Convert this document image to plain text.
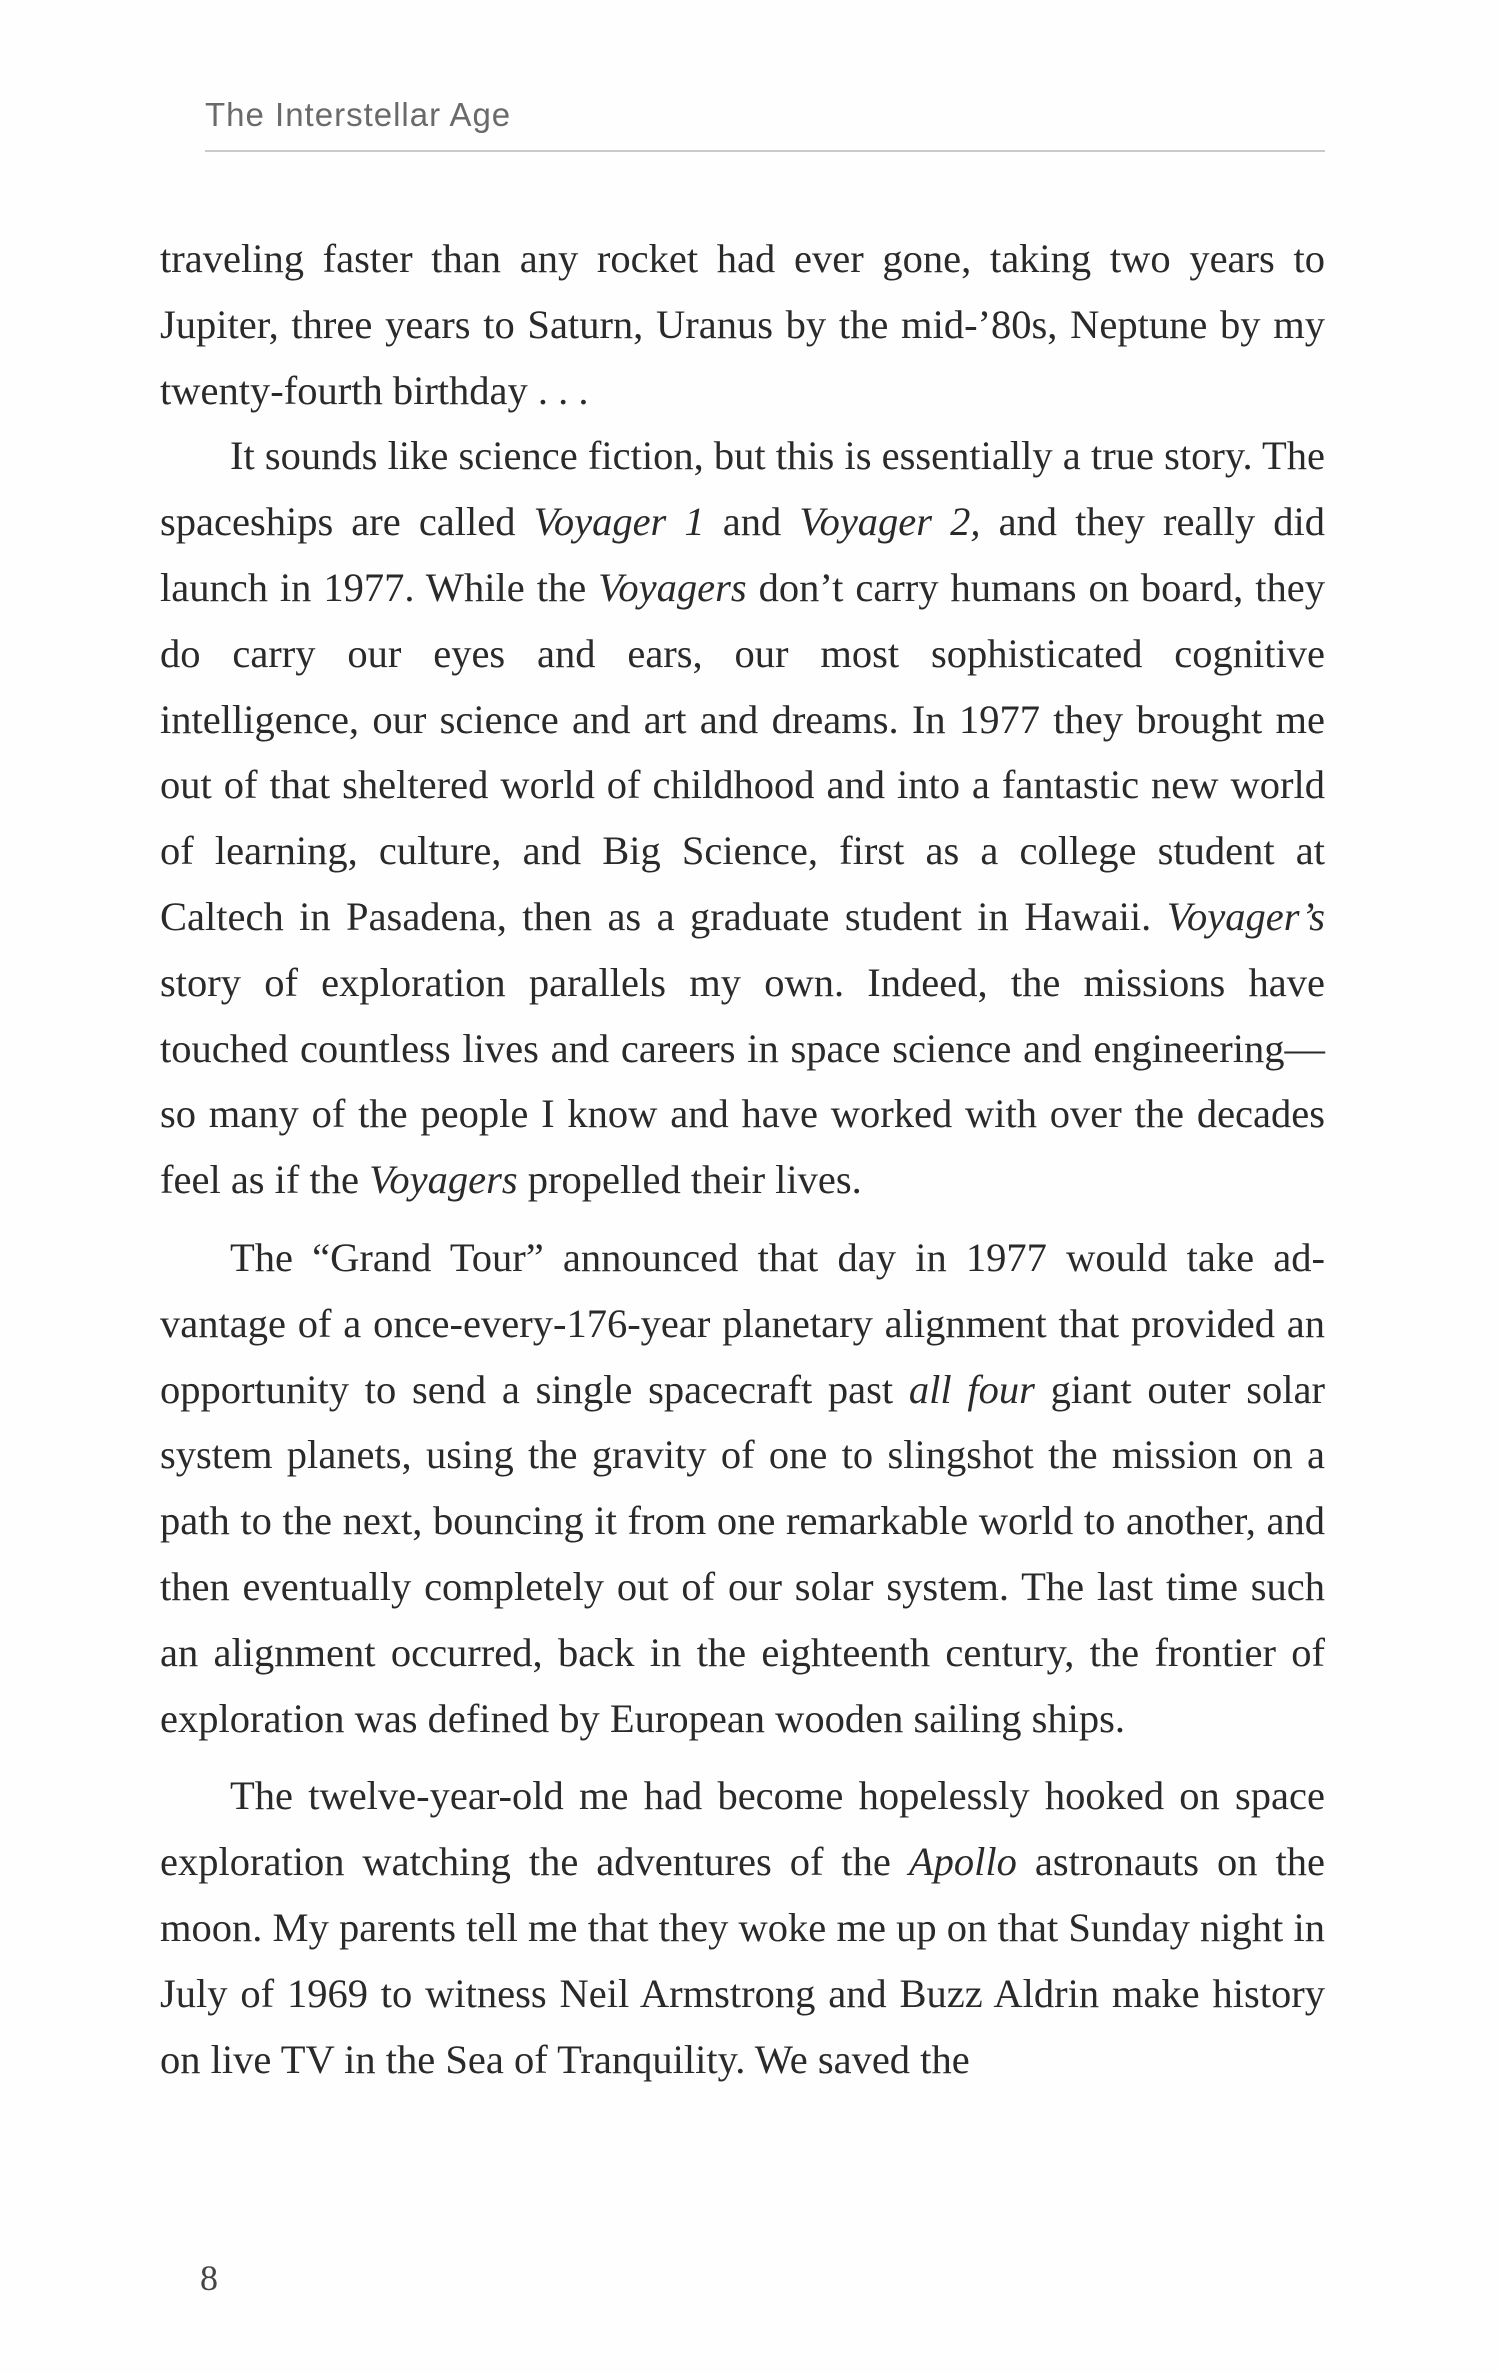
The Interstellar Age

traveling faster than any rocket had ever gone, taking two years to Jupiter, three years to Saturn, Uranus by the mid-’80s, Neptune by my twenty-fourth birthday . . .

It sounds like science fiction, but this is essentially a true story. The spaceships are called Voyager 1 and Voyager 2, and they really did launch in 1977. While the Voyagers don’t carry humans on board, they do carry our eyes and ears, our most sophisticated cognitive intelligence, our science and art and dreams. In 1977 they brought me out of that sheltered world of childhood and into a fantastic new world of learning, culture, and Big Science, first as a college student at Caltech in Pasadena, then as a graduate student in Hawaii. Voyager’s story of exploration parallels my own. Indeed, the missions have touched countless lives and careers in space science and engineering—so many of the people I know and have worked with over the decades feel as if the Voyagers propelled their lives.

The “Grand Tour” announced that day in 1977 would take advantage of a once-every-176-year planetary alignment that provided an opportunity to send a single spacecraft past all four giant outer solar system planets, using the gravity of one to slingshot the mission on a path to the next, bouncing it from one remarkable world to another, and then eventually completely out of our solar system. The last time such an alignment occurred, back in the eighteenth century, the frontier of exploration was defined by European wooden sailing ships.

The twelve-year-old me had become hopelessly hooked on space exploration watching the adventures of the Apollo astronauts on the moon. My parents tell me that they woke me up on that Sunday night in July of 1969 to witness Neil Armstrong and Buzz Aldrin make history on live TV in the Sea of Tranquility. We saved the

8
